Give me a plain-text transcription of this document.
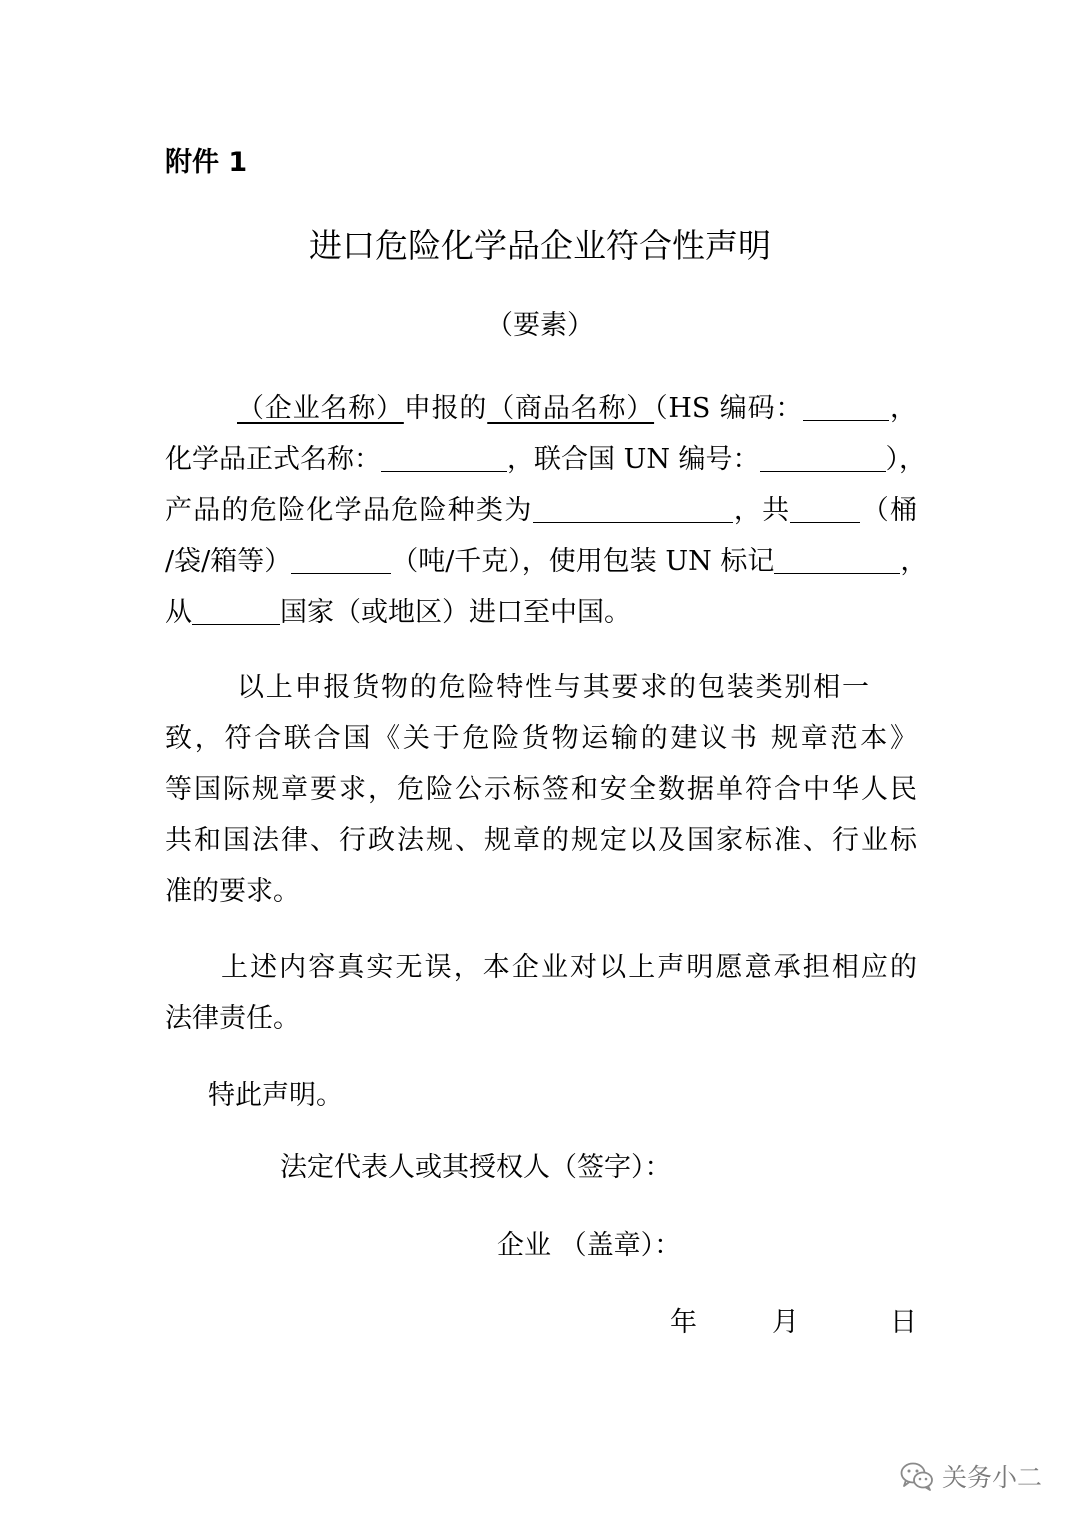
附件 1
进口危险化学品企业符合性声明
（要素）
（企业名称）申报的（商品名称）（HS 编码：	，
化学品正式名称：	，联合国 UN 编号：	），
产品的危险化学品危险种类为	，共	（桶
/袋/箱等）	（吨/千克），使用包装 UN 标记	，
从	国家（或地区）进口至中国。
以上申报货物的危险特性与其要求的包装类别相一
致，符合联合国《关于危险货物运输的建议书 规章范本》
等国际规章要求，危险公示标签和安全数据单符合中华人民
共和国法律、行政法规、规章的规定以及国家标准、行业标
准的要求。
上述内容真实无误，本企业对以上声明愿意承担相应的
法律责任。
特此声明。
法定代表人或其授权人（签字）：
企业 （盖章）：
年	月	日
关务小二
